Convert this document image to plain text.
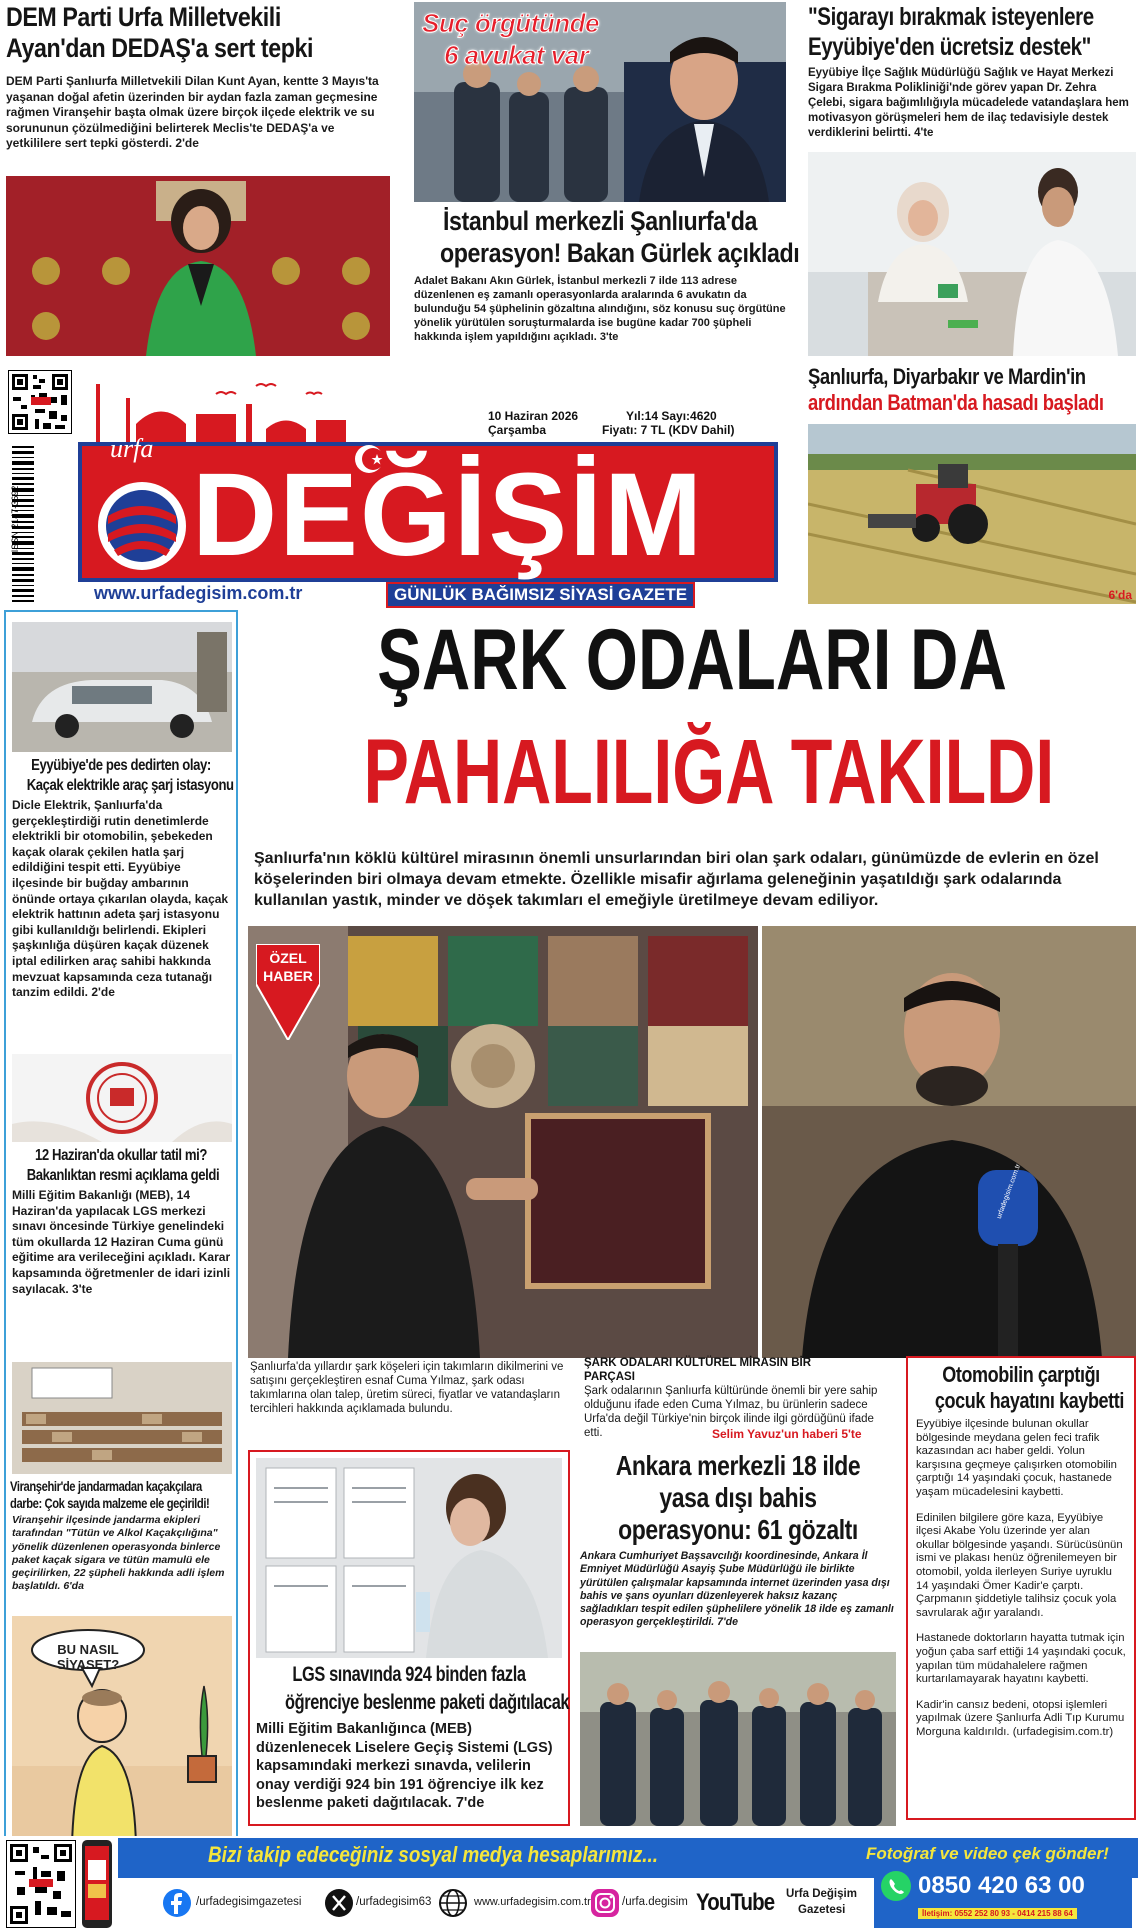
DEM Parti Urfa Milletvekili
Ayan'dan DEDAŞ'a sert tepki
DEM Parti Şanlıurfa Milletvekili Dilan Kunt Ayan, kentte 3 Mayıs'ta yaşanan doğal afetin üzerinden bir aydan fazla zaman geçmesine rağmen Viranşehir başta olmak üzere birçok ilçede elektrik ve su sorununun çözülmediğini belirterek Meclis'te DEDAŞ'a ve yetkililere sert tepki gösterdi. 2'de
Suç örgütünde
6 avukat var
İstanbul merkezli Şanlıurfa'da
operasyon! Bakan Gürlek açıkladı
Adalet Bakanı Akın Gürlek, İstanbul merkezli 7 ilde 113 adrese düzenlenen eş zamanlı operasyonlarda aralarında 6 avukatın da bulunduğu 54 şüphelinin gözaltına alındığını, söz konusu suç örgütüne yönelik yürütülen soruşturmalarda ise bugüne kadar 700 şüpheli hakkında işlem yapıldığını açıkladı. 3'te
"Sigarayı bırakmak isteyenlere
Eyyübiye'den ücretsiz destek"
Eyyübiye İlçe Sağlık Müdürlüğü Sağlık ve Hayat Merkezi Sigara Bırakma Polikliniği'nde görev yapan Dr. Zehra Çelebi, sigara bağımlılığıyla mücadelede vatandaşlara hem motivasyon görüşmeleri hem de ilaç tedavisiyle destek verdiklerini belirtti. 4'te
ISSN 2147-3692
urfa
DEĞİŞİM
www.urfadegisim.com.tr	GÜNLÜK BAĞIMSIZ SİYASİ GAZETE
10 Haziran 2026
Çarşamba
Yıl:14 Sayı:4620
Fiyatı: 7 TL (KDV Dahil)
Şanlıurfa, Diyarbakır ve Mardin'in
ardından Batman'da hasadı başladı
6'da
Eyyübiye'de pes dedirten olay:
Kaçak elektrikle araç şarj istasyonu
Dicle Elektrik, Şanlıurfa'da gerçekleştirdiği rutin denetimlerde elektrikli bir otomobilin, şebekeden kaçak olarak çekilen hatla şarj edildiğini tespit etti. Eyyübiye ilçesinde bir buğday ambarının önünde ortaya çıkarılan olayda, kaçak elektrik hattının adeta şarj istasyonu gibi kullanıldığı belirlendi. Ekipleri şaşkınlığa düşüren kaçak düzenek iptal edilirken araç sahibi hakkında mevzuat kapsamında ceza tutanağı tanzim edildi. 2'de
12 Haziran'da okullar tatil mi?
Bakanlıktan resmi açıklama geldi
Milli Eğitim Bakanlığı (MEB), 14 Haziran'da yapılacak LGS merkezi sınavı öncesinde Türkiye genelindeki tüm okullarda 12 Haziran Cuma günü eğitime ara verileceğini açıkladı. Karar kapsamında öğretmenler de idari izinli sayılacak. 3'te
Viranşehir'de jandarmadan kaçakçılara
darbe: Çok sayıda malzeme ele geçirildi!
Viranşehir ilçesinde jandarma ekipleri tarafından "Tütün ve Alkol Kaçakçılığına" yönelik düzenlenen operasyonda binlerce paket kaçak sigara ve tütün mamulü ele geçirilirken, 22 şüpheli hakkında adli işlem başlatıldı. 6'da
BU NASIL SİYASET?
ŞARK ODALARI DA
PAHALILIĞA TAKILDI
Şanlıurfa'nın köklü kültürel mirasının önemli unsurlarından biri olan şark odaları, günümüzde de evlerin en özel köşelerinden biri olmaya devam etmekte. Özellikle misafir ağırlama geleneğinin yaşatıldığı şark odalarında kullanılan yastık, minder ve döşek takımları el emeğiyle üretilmeye devam ediliyor.
ÖZEL
HABER
urfadegisim.com.tr
Şanlıurfa'da yıllardır şark köşeleri için takımların dikilmerini ve satışını gerçekleştiren esnaf Cuma Yılmaz, şark odası takımlarına olan talep, üretim süreci, fiyatlar ve vatandaşların tercihleri hakkında açıklamada bulundu.
ŞARK ODALARI KÜLTÜREL MİRASIN BİR PARÇASI
Şark odalarının Şanlıurfa kültüründe önemli bir yere sahip olduğunu ifade eden Cuma Yılmaz, bu ürünlerin sadece Urfa'da değil Türkiye'nin birçok ilinde ilgi gördüğünü ifade etti.	Selim Yavuz'un haberi 5'te
Otomobilin çarptığı
çocuk hayatını kaybetti
Eyyübiye ilçesinde bulunan okullar bölgesinde meydana gelen feci trafik kazasından acı haber geldi. Yolun karşısına geçmeye çalışırken otomobilin çarptığı 14 yaşındaki çocuk, hastanede yaşam mücadelesini kaybetti.
Edinilen bilgilere göre kaza, Eyyübiye ilçesi Akabe Yolu üzerinde yer alan okullar bölgesinde yaşandı. Sürücüsünün ismi ve plakası henüz öğrenilemeyen bir otomobil, yolda ilerleyen Suriye uyruklu 14 yaşındaki Ömer Kadir'e çarptı. Çarpmanın şiddetiyle talihsiz çocuk yola savrularak ağır yaralandı.
Hastanede doktorların hayatta tutmak için yoğun çaba sarf ettiği 14 yaşındaki çocuk, yapılan tüm müdahalelere rağmen kurtarılamayarak hayatını kaybetti.
Kadir'in cansız bedeni, otopsi işlemleri yapılmak üzere Şanlıurfa Adli Tıp Kurumu Morguna kaldırıldı. (urfadegisim.com.tr)
LGS sınavında 924 binden fazla
öğrenciye beslenme paketi dağıtılacak
Milli Eğitim Bakanlığınca (MEB) düzenlenecek Liselere Geçiş Sistemi (LGS) kapsamındaki merkezi sınavda, velilerin onay verdiği 924 bin 191 öğrenciye ilk kez beslenme paketi dağıtılacak. 7'de
Ankara merkezli 18 ilde
yasa dışı bahis
operasyonu: 61 gözaltı
Ankara Cumhuriyet Başsavcılığı koordinesinde, Ankara İl Emniyet Müdürlüğü Asayiş Şube Müdürlüğü ile birlikte yürütülen çalışmalar kapsamında internet üzerinden yasa dışı bahis ve şans oyunları düzenleyerek haksız kazanç sağladıkları tespit edilen şüphelilere yönelik 18 ilde eş zamanlı operasyon gerçekleştirildi. 7'de
Bizi takip edeceğiniz sosyal medya hesaplarımız...	Fotoğraf ve video çek gönder!
/urfadegisimgazetesi	/urfadegisim63	www.urfadegisim.com.tr	/urfa.degisim YouTube Urfa Değişim
Gazetesi
0850 420 63 00
İletişim: 0552 252 80 93 - 0414 215 88 64
